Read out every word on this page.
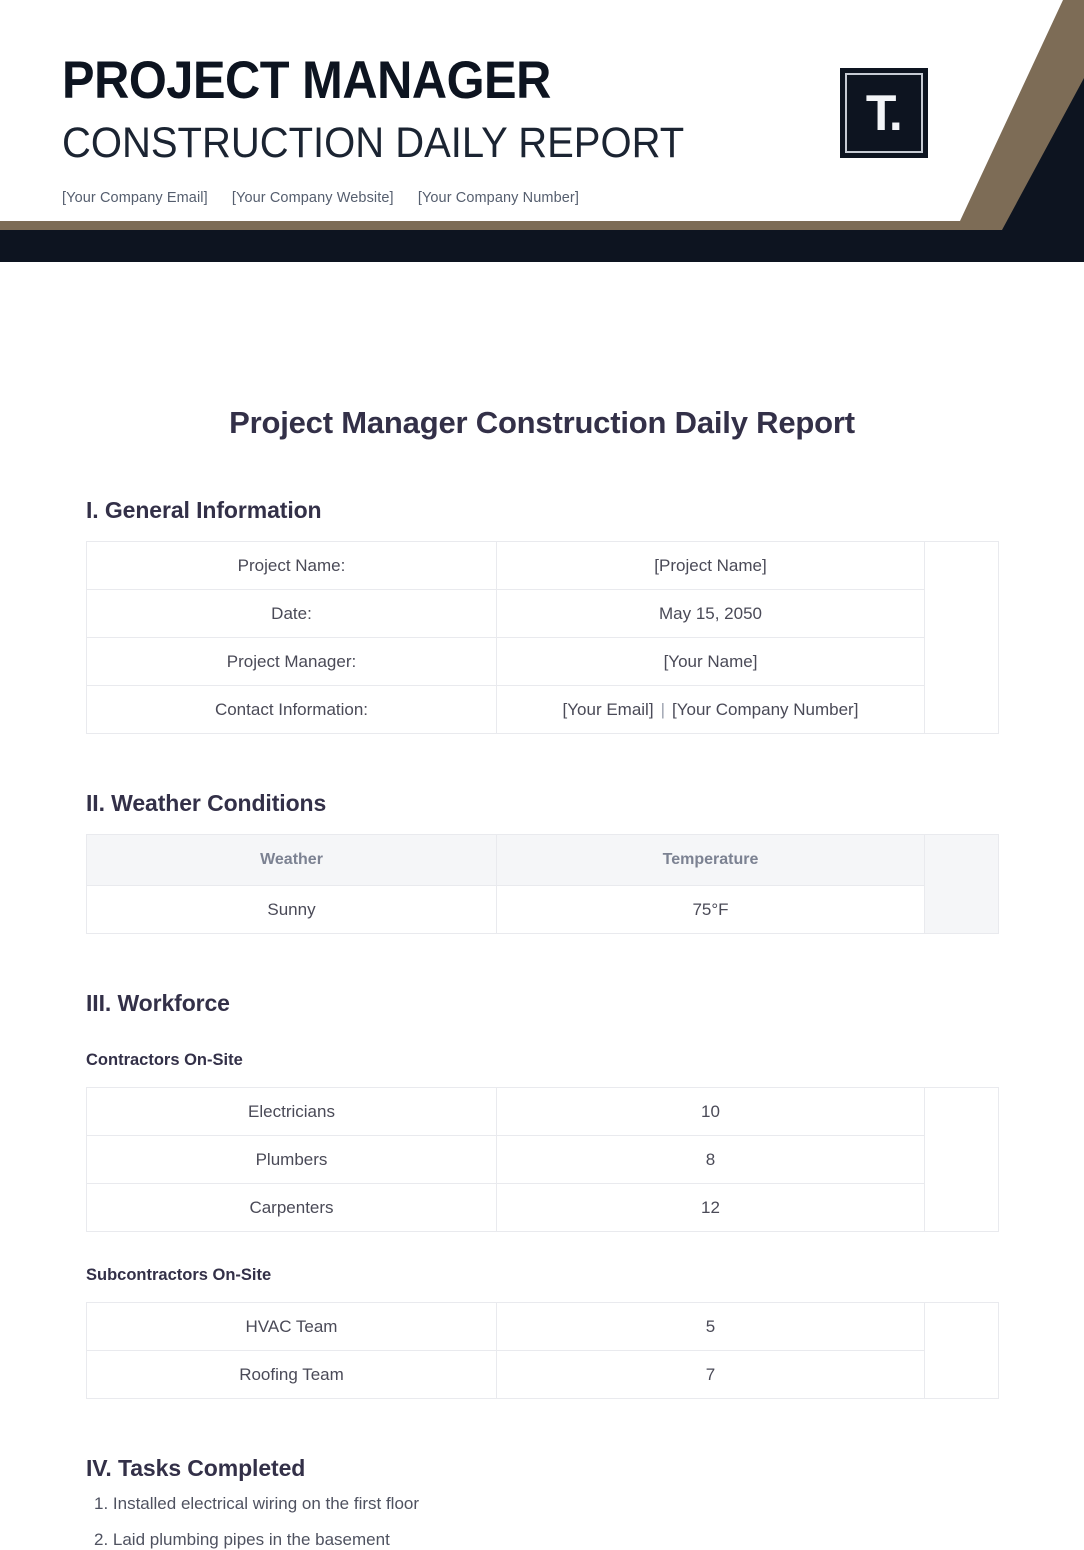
PROJECT MANAGER
CONSTRUCTION DAILY REPORT
[Your Company Email] [Your Company Website] [Your Company Number]
T.
Project Manager Construction Daily Report
I. General Information
Project Name:	[Project Name]	
Date:	May 15, 2050	
Project Manager:	[Your Name]	
Contact Information:	[Your Email] | [Your Company Number]	
II. Weather Conditions
Weather	Temperature	
Sunny	75°F	
III. Workforce
Contractors On-Site
Electricians	10	
Plumbers	8	
Carpenters	12	
Subcontractors On-Site
HVAC Team	5	
Roofing Team	7	
IV. Tasks Completed
1. Installed electrical wiring on the first floor
2. Laid plumbing pipes in the basement
